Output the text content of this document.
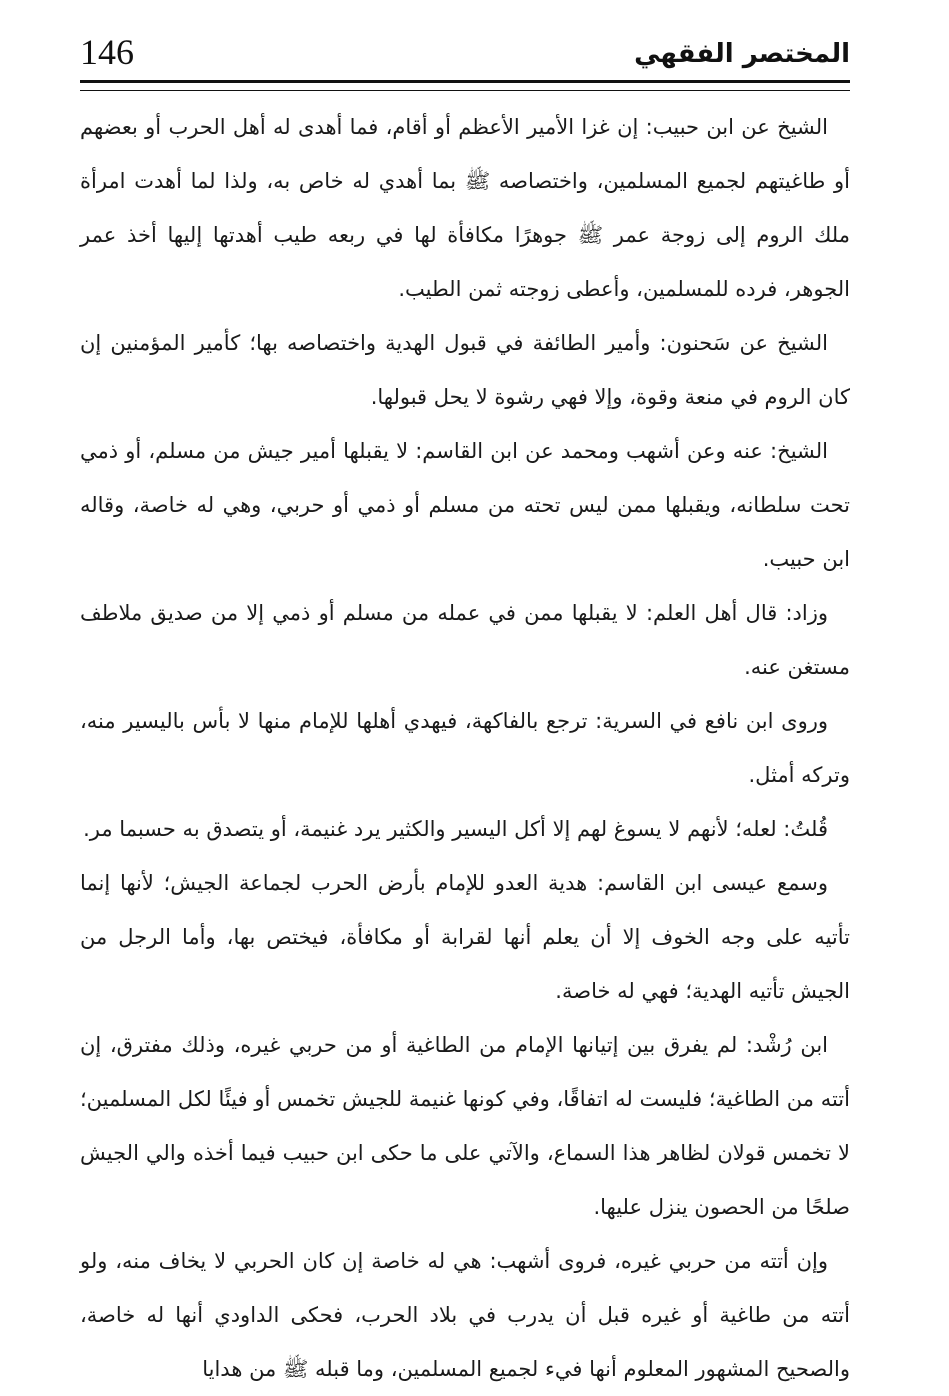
146	المختصر الفقهي

الشيخ عن ابن حبيب: إن غزا الأمير الأعظم أو أقام، فما أهدى له أهل الحرب أو بعضهم أو طاغيتهم لجميع المسلمين، واختصاصه ﷺ بما أهدي له خاص به، ولذا لما أهدت امرأة ملك الروم إلى زوجة عمر ﷺ جوهرًا مكافأة لها في ربعه طيب أهدتها إليها أخذ عمر الجوهر، فرده للمسلمين، وأعطى زوجته ثمن الطيب.

الشيخ عن سَحنون: وأمير الطائفة في قبول الهدية واختصاصه بها؛ كأمير المؤمنين إن كان الروم في منعة وقوة، وإلا فهي رشوة لا يحل قبولها.

الشيخ: عنه وعن أشهب ومحمد عن ابن القاسم: لا يقبلها أمير جيش من مسلم، أو ذمي تحت سلطانه، ويقبلها ممن ليس تحته من مسلم أو ذمي أو حربي، وهي له خاصة، وقاله ابن حبيب.

وزاد: قال أهل العلم: لا يقبلها ممن في عمله من مسلم أو ذمي إلا من صديق ملاطف مستغن عنه.

وروى ابن نافع في السرية: ترجع بالفاكهة، فيهدي أهلها للإمام منها لا بأس باليسير منه، وتركه أمثل.

قُلتُ: لعله؛ لأنهم لا يسوغ لهم إلا أكل اليسير والكثير يرد غنيمة، أو يتصدق به حسبما مر.

وسمع عيسى ابن القاسم: هدية العدو للإمام بأرض الحرب لجماعة الجيش؛ لأنها إنما تأتيه على وجه الخوف إلا أن يعلم أنها لقرابة أو مكافأة، فيختص بها، وأما الرجل من الجيش تأتيه الهدية؛ فهي له خاصة.

ابن رُشْد: لم يفرق بين إتيانها الإمام من الطاغية أو من حربي غيره، وذلك مفترق، إن أتته من الطاغية؛ فليست له اتفاقًا، وفي كونها غنيمة للجيش تخمس أو فيئًا لكل المسلمين؛ لا تخمس قولان لظاهر هذا السماع، والآتي على ما حكى ابن حبيب فيما أخذه والي الجيش صلحًا من الحصون ينزل عليها.

وإن أتته من حربي غيره، فروى أشهب: هي له خاصة إن كان الحربي لا يخاف منه، ولو أتته من طاغية أو غيره قبل أن يدرب في بلاد الحرب، فحكى الداودي أنها له خاصة، والصحيح المشهور المعلوم أنها فيء لجميع المسلمين، وما قبله ﷺ من هدايا
